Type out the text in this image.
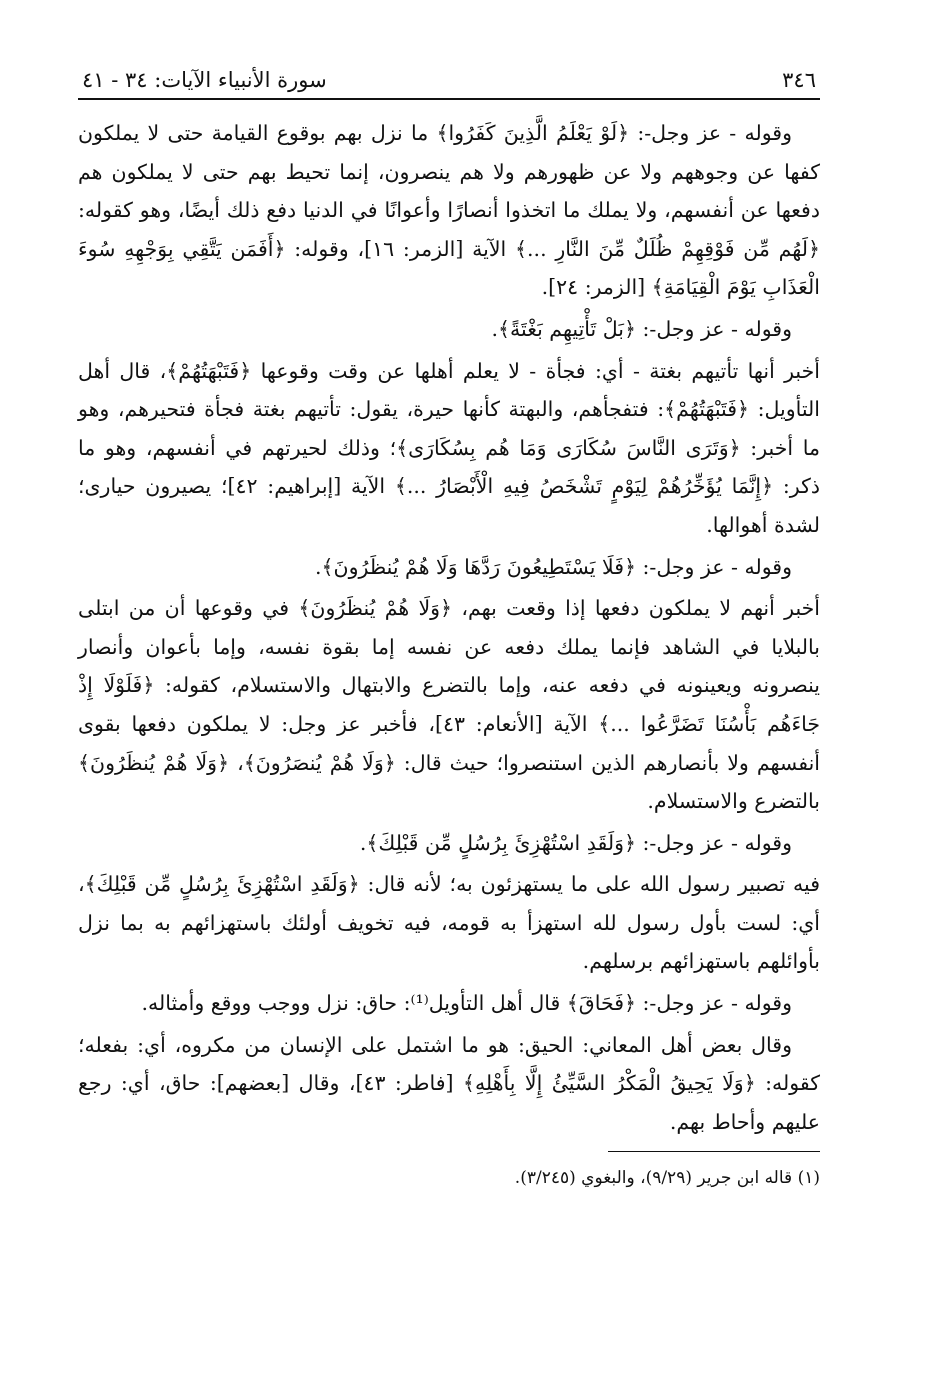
٣٤٦
سورة الأنبياء الآيات: ٣٤ - ٤١

وقوله - عز وجل-: ﴿لَوْ يَعْلَمُ الَّذِينَ كَفَرُوا﴾ ما نزل بهم بوقوع القيامة حتى لا يملكون كفها عن وجوههم ولا عن ظهورهم ولا هم ينصرون، إنما تحيط بهم حتى لا يملكون هم دفعها عن أنفسهم، ولا يملك ما اتخذوا أنصارًا وأعوانًا في الدنيا دفع ذلك أيضًا، وهو كقوله: ﴿لَهُم مِّن فَوْقِهِمْ ظُلَلٌ مِّنَ النَّارِ ...﴾ الآية [الزمر: ١٦]، وقوله: ﴿أَفَمَن يَتَّقِي بِوَجْهِهِ سُوءَ الْعَذَابِ يَوْمَ الْقِيَامَةِ﴾ [الزمر: ٢٤].

وقوله - عز وجل-: ﴿بَلْ تَأْتِيهِم بَغْتَةً﴾.

أخبر أنها تأتيهم بغتة - أي: فجأة - لا يعلم أهلها عن وقت وقوعها ﴿فَتَبْهَتُهُمْ﴾، قال أهل التأويل: ﴿فَتَبْهَتُهُمْ﴾: فتفجأهم، والبهتة كأنها حيرة، يقول: تأتيهم بغتة فجأة فتحيرهم، وهو ما أخبر: ﴿وَتَرَى النَّاسَ سُكَارَى وَمَا هُم بِسُكَارَى﴾؛ وذلك لحيرتهم في أنفسهم، وهو ما ذكر: ﴿إِنَّمَا يُؤَخِّرُهُمْ لِيَوْمٍ تَشْخَصُ فِيهِ الْأَبْصَارُ ...﴾ الآية [إبراهيم: ٤٢]؛ يصيرون حيارى؛ لشدة أهوالها.

وقوله - عز وجل-: ﴿فَلَا يَسْتَطِيعُونَ رَدَّهَا وَلَا هُمْ يُنظَرُونَ﴾.

أخبر أنهم لا يملكون دفعها إذا وقعت بهم، ﴿وَلَا هُمْ يُنظَرُونَ﴾ في وقوعها أن من ابتلى بالبلايا في الشاهد فإنما يملك دفعه عن نفسه إما بقوة نفسه، وإما بأعوان وأنصار ينصرونه ويعينونه في دفعه عنه، وإما بالتضرع والابتهال والاستسلام، كقوله: ﴿فَلَوْلَا إِذْ جَاءَهُم بَأْسُنَا تَضَرَّعُوا ...﴾ الآية [الأنعام: ٤٣]، فأخبر عز وجل: لا يملكون دفعها بقوى أنفسهم ولا بأنصارهم الذين استنصروا؛ حيث قال: ﴿وَلَا هُمْ يُنصَرُونَ﴾، ﴿وَلَا هُمْ يُنظَرُونَ﴾ بالتضرع والاستسلام.

وقوله - عز وجل-: ﴿وَلَقَدِ اسْتُهْزِئَ بِرُسُلٍ مِّن قَبْلِكَ﴾.

فيه تصبير رسول الله على ما يستهزئون به؛ لأنه قال: ﴿وَلَقَدِ اسْتُهْزِئَ بِرُسُلٍ مِّن قَبْلِكَ﴾، أي: لست بأول رسول لله استهزأ به قومه، فيه تخويف أولئك باستهزائهم به بما نزل بأوائلهم باستهزائهم برسلهم.

وقوله - عز وجل-: ﴿فَحَاقَ﴾ قال أهل التأويل⁽¹⁾: حاق: نزل ووجب ووقع وأمثاله.

وقال بعض أهل المعاني: الحيق: هو ما اشتمل على الإنسان من مكروه، أي: بفعله؛ كقوله: ﴿وَلَا يَحِيقُ الْمَكْرُ السَّيِّئُ إِلَّا بِأَهْلِهِ﴾ [فاطر: ٤٣]، وقال [بعضهم]: حاق، أي: رجع عليهم وأحاط بهم.

(١) قاله ابن جرير (٩/٢٩)، والبغوي (٣/٢٤٥).
